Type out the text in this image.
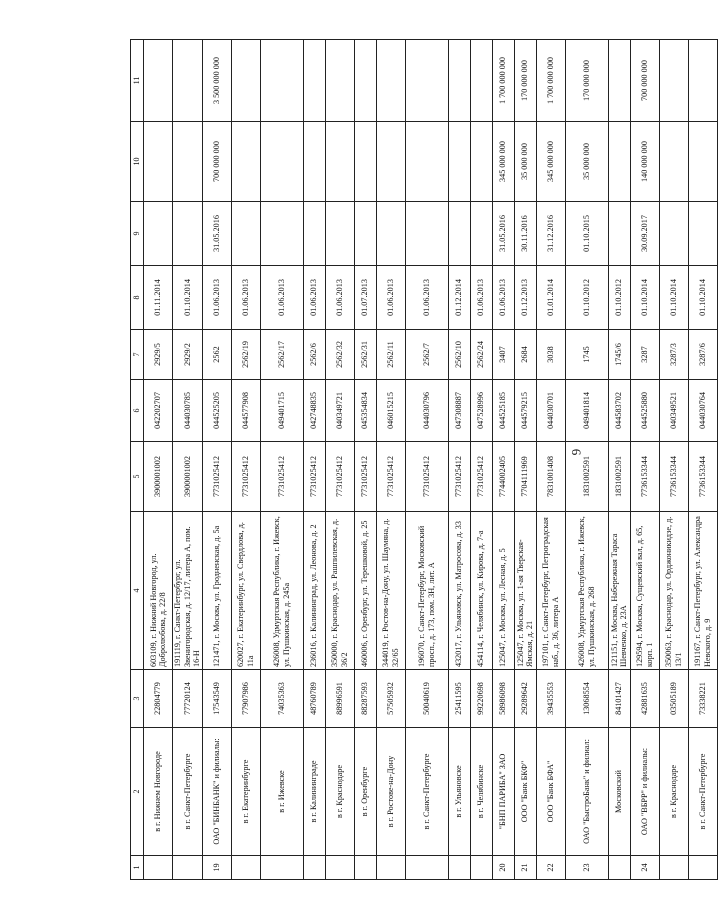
6
1	2	3	4	5	6	7	8	9	10	11
	в г. Нижнем Новгороде	22804779	603109, г. Нижний Новгород, ул. Добролюбова, д. 22/8	3900001002	042202707	2929/5	01.11.2014			
	в г. Санкт-Петербурге	77720124	191119, г. Санкт-Петербург, ул. Звенигородская, д. 12/17, литера А, пом. 16-Н	3900001002	044030785	2929/2	01.10.2014			
19	ОАО "БИНБАНК" и филиалы:	17543549	121471, г. Москва, ул. Гродненская, д. 5а	7731025412	044525205	2562	01.06.2013	31.05.2016	700 000 000	3 500 000 000
	в г. Екатеринбурге	77907986	620027, г. Екатеринбург, ул. Свердлова, д. 11а	7731025412	044577908	2562/19	01.06.2013			
	в г. Ижевске	74035363	426008, Удмуртская Республика, г. Ижевск, ул. Пушкинская, д. 245а	7731025412	049401715	2562/17	01.06.2013			
	в г. Калининграде	48760789	236016, г. Калининград, ул. Леонова, д. 2	7731025412	042748835	2562/6	01.06.2013			
	в г. Краснодаре	88996591	350000, г. Краснодар, ул. Рашпилевская, д. 36/2	7731025412	040349721	2562/32	01.06.2013			
	в г. Оренбурге	88287593	460006, г. Оренбург, ул. Терешковой, д. 25	7731025412	045354834	2562/31	01.07.2013			
	в г. Ростове-на-Дону	57505932	344019, г. Ростов-на-Дону, ул. Шаумяна, д. 32/65	7731025412	046015215	2562/11	01.06.2013			
	в г. Санкт-Петербурге	50040619	196070, г. Санкт-Петербург, Московский просп., д. 173, пом. 3Н, лит. А	7731025412	044030796	2562/7	01.06.2013			
	в г. Ульяновске	25411595	432017, г. Ульяновск, ул. Матросова, д. 33	7731025412	047308887	2562/10	01.12.2014			
	в г. Челябинске	99220698	454114, г. Челябинск, ул. Кирова, д. 7-а	7731025412	047528996	2562/24	01.06.2013			
20	"БНП ПАРИБА" ЗАО	58986098	125047, г. Москва, ул. Лесная, д. 5	7744002405	044525185	3407	01.06.2013	31.05.2016	345 000 000	1 700 000 000
21	ООО "Банк БКФ"	29289642	125047, г. Москва, ул. 1-ая Тверская-Ямская, д. 21	7704111969	044579215	2684	01.12.2013	30.11.2016	35 000 000	170 000 000
22	ООО "Банк БФА"	39435553	197101, г. Санкт-Петербург, Петроградская наб., д. 36, литера А	7831001408	044030701	3038	01.01.2014	31.12.2016	345 000 000	1 700 000 000
23	ОАО "БыстроБанк" и филиал:	13068554	426008, Удмуртская Республика, г. Ижевск, ул. Пушкинская, д. 268	1831002591	049401814	1745	01.10.2012	01.10.2015	35 000 000	170 000 000
	Московский	84101427	121151, г. Москва, Набережная Тараса Шевченко, д. 23А	1831002591	044583702	1745/6	01.10.2012			
24	ОАО "ВБРР" и филиалы:	42881635	129594, г. Москва, Сущевский вал, д. 65, корп. 1	7736153344	044525880	3287	01.10.2014	30.09.2017	140 000 000	700 000 000
	в г. Краснодаре	03505189	350063, г. Краснодар, ул. Орджоникидзе, д. 13/1	7736153344	040349521	3287/3	01.10.2014			
	в г. Санкт-Петербурге	73338221	191167, г. Санкт-Петербург, ул. Александра Невского, д. 9	7736153344	044030764	3287/6	01.10.2014			
